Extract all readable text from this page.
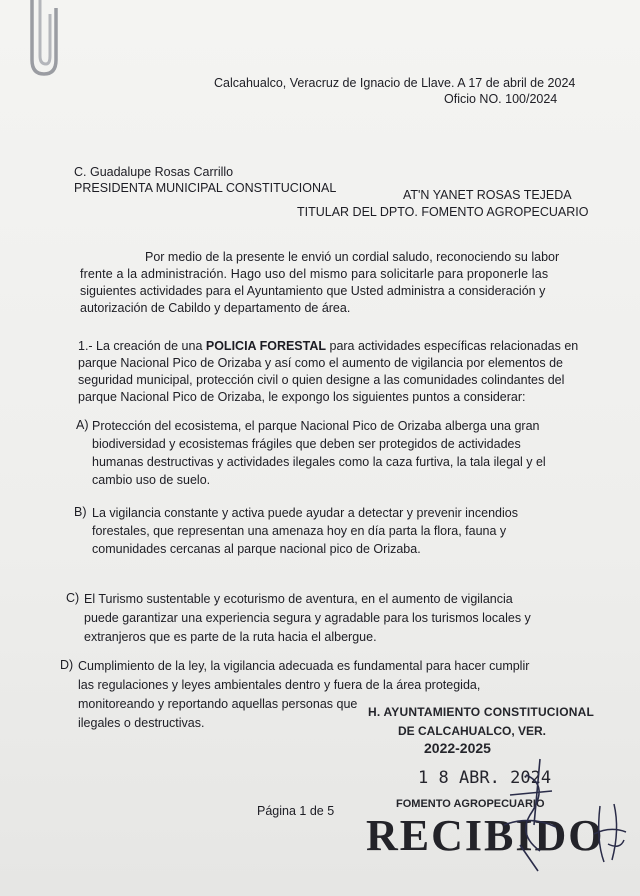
Calcahualco, Veracruz de Ignacio de Llave. A 17 de abril de 2024
Oficio NO. 100/2024
C. Guadalupe Rosas Carrillo
PRESIDENTA MUNICIPAL CONSTITUCIONAL	AT'N YANET ROSAS TEJEDA
TITULAR DEL DPTO. FOMENTO AGROPECUARIO
Por medio de la presente le envió un cordial saludo, reconociendo su labor
frente a la administración. Hago uso del mismo para solicitarle para proponerle las
siguientes actividades para el Ayuntamiento que Usted administra a consideración y
autorización de Cabildo y departamento de área.
1.- La creación de una POLICIA FORESTAL para actividades específicas relacionadas en
parque Nacional Pico de Orizaba y así como el aumento de vigilancia por elementos de
seguridad municipal, protección civil o quien designe a las comunidades colindantes del
parque Nacional Pico de Orizaba, le expongo los siguientes puntos a considerar:
A) Protección del ecosistema, el parque Nacional Pico de Orizaba alberga una gran
biodiversidad y ecosistemas frágiles que deben ser protegidos de actividades
humanas destructivas y actividades ilegales como la caza furtiva, la tala ilegal y el
cambio uso de suelo.
B) La vigilancia constante y activa puede ayudar a detectar y prevenir incendios
forestales, que representan una amenaza hoy en día parta la flora, fauna y
comunidades cercanas al parque nacional pico de Orizaba.
C) El Turismo sustentable y ecoturismo de aventura, en el aumento de vigilancia
puede garantizar una experiencia segura y agradable para los turismos locales y
extranjeros que es parte de la ruta hacia el albergue.
D) Cumplimiento de la ley, la vigilancia adecuada es fundamental para hacer cumplir
las regulaciones y leyes ambientales dentro y fuera de la área protegida,
monitoreando y reportando aquellas personas que
ilegales o destructivas.
Página 1 de 5
H. AYUNTAMIENTO CONSTITUCIONAL
DE CALCAHUALCO, VER.
2022-2025
1 8 ABR. 2024
FOMENTO AGROPECUARIO
RECIBIDO
